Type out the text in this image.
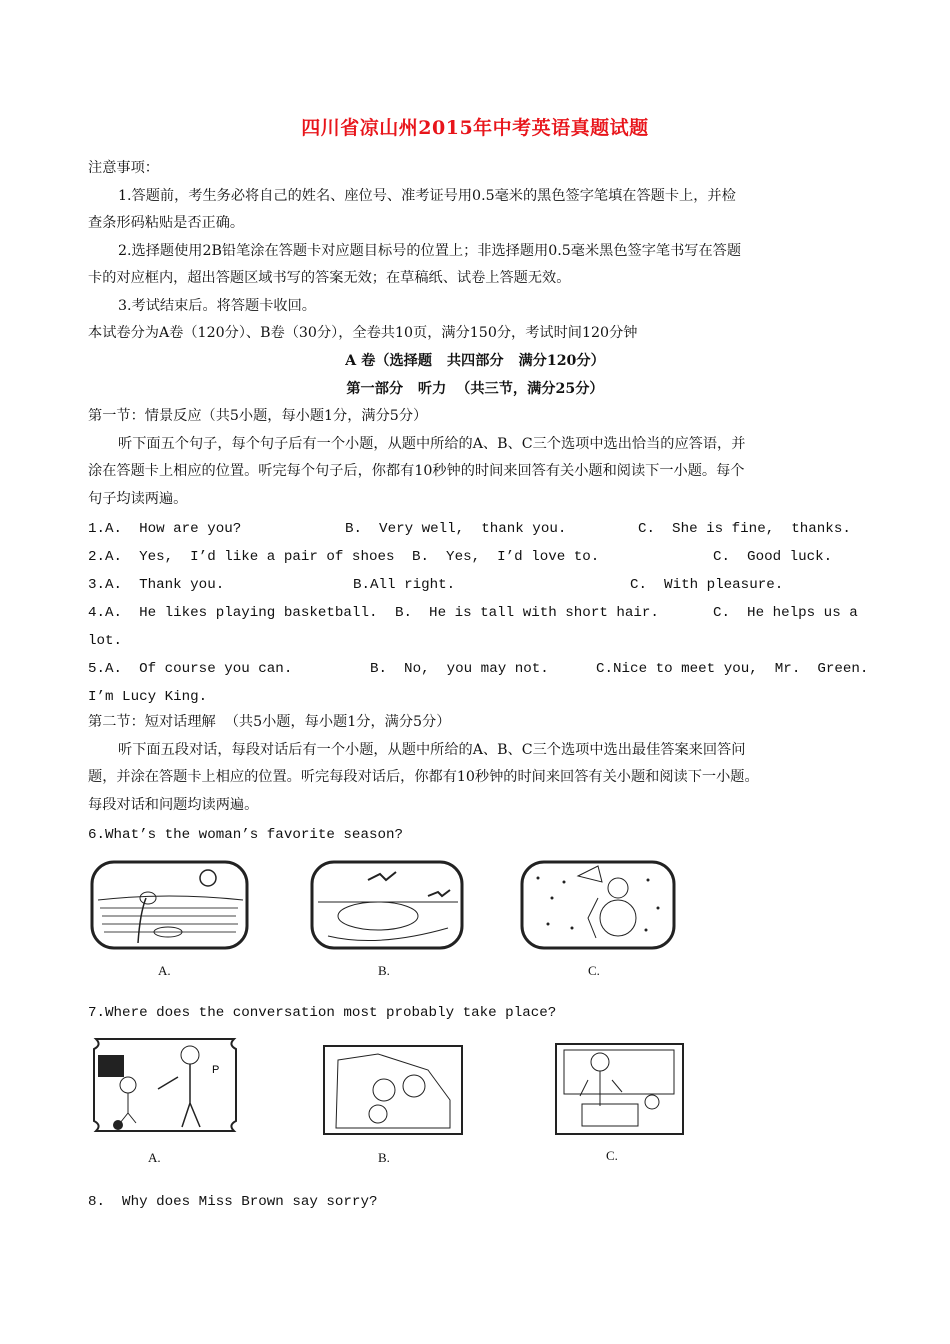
四川省凉山州2015年中考英语真题试题
注意事项：
1.答题前，考生务必将自己的姓名、座位号、准考证号用0.5毫米的黑色签字笔填在答题卡上，并检
查条形码粘贴是否正确。
2.选择题使用2B铅笔涂在答题卡对应题目标号的位置上；非选择题用0.5毫米黑色签字笔书写在答题
卡的对应框内，超出答题区域书写的答案无效；在草稿纸、试卷上答题无效。
3.考试结束后。将答题卡收回。
本试卷分为A卷（120分）、B卷（30分），全卷共10页，满分150分，考试时间120分钟
A 卷（选择题   共四部分   满分120分）
第一部分   听力  （共三节，满分25分）
第一节：情景反应（共5小题，每小题1分，满分5分）
听下面五个句子，每个句子后有一个小题，从题中所给的A、B、C三个选项中选出恰当的应答语，并
涂在答题卡上相应的位置。听完每个句子后，你都有10秒钟的时间来回答有关小题和阅读下一小题。每个
句子均读两遍。
1.A.  How are you?	B.  Very well,  thank you.	C.  She is fine,  thanks.
2.A.  Yes,  I’d like a pair of shoes B.  Yes,  I’d love to.	C.  Good luck.
3.A.  Thank you.	B.All right.	C.  With pleasure.
4.A.  He likes playing basketball. B.  He is tall with short hair.	C.  He helps us a
lot.
5.A.  Of course you can.	B.  No,  you may not.	C.Nice to meet you,  Mr.  Green.
I’m Lucy King.
第二节：短对话理解  （共5小题，每小题1分，满分5分）
听下面五段对话，每段对话后有一个小题，从题中所给的A、B、C三个选项中选出最佳答案来回答问
题，并涂在答题卡上相应的位置。听完每段对话后，你都有10秒钟的时间来回答有关小题和阅读下一小题。
每段对话和问题均读两遍。
6.What’s the woman’s favorite season?
A.	B.	C.
7.Where does the conversation most probably take place?
P
A.	B.	C.
8.  Why does Miss Brown say sorry?
